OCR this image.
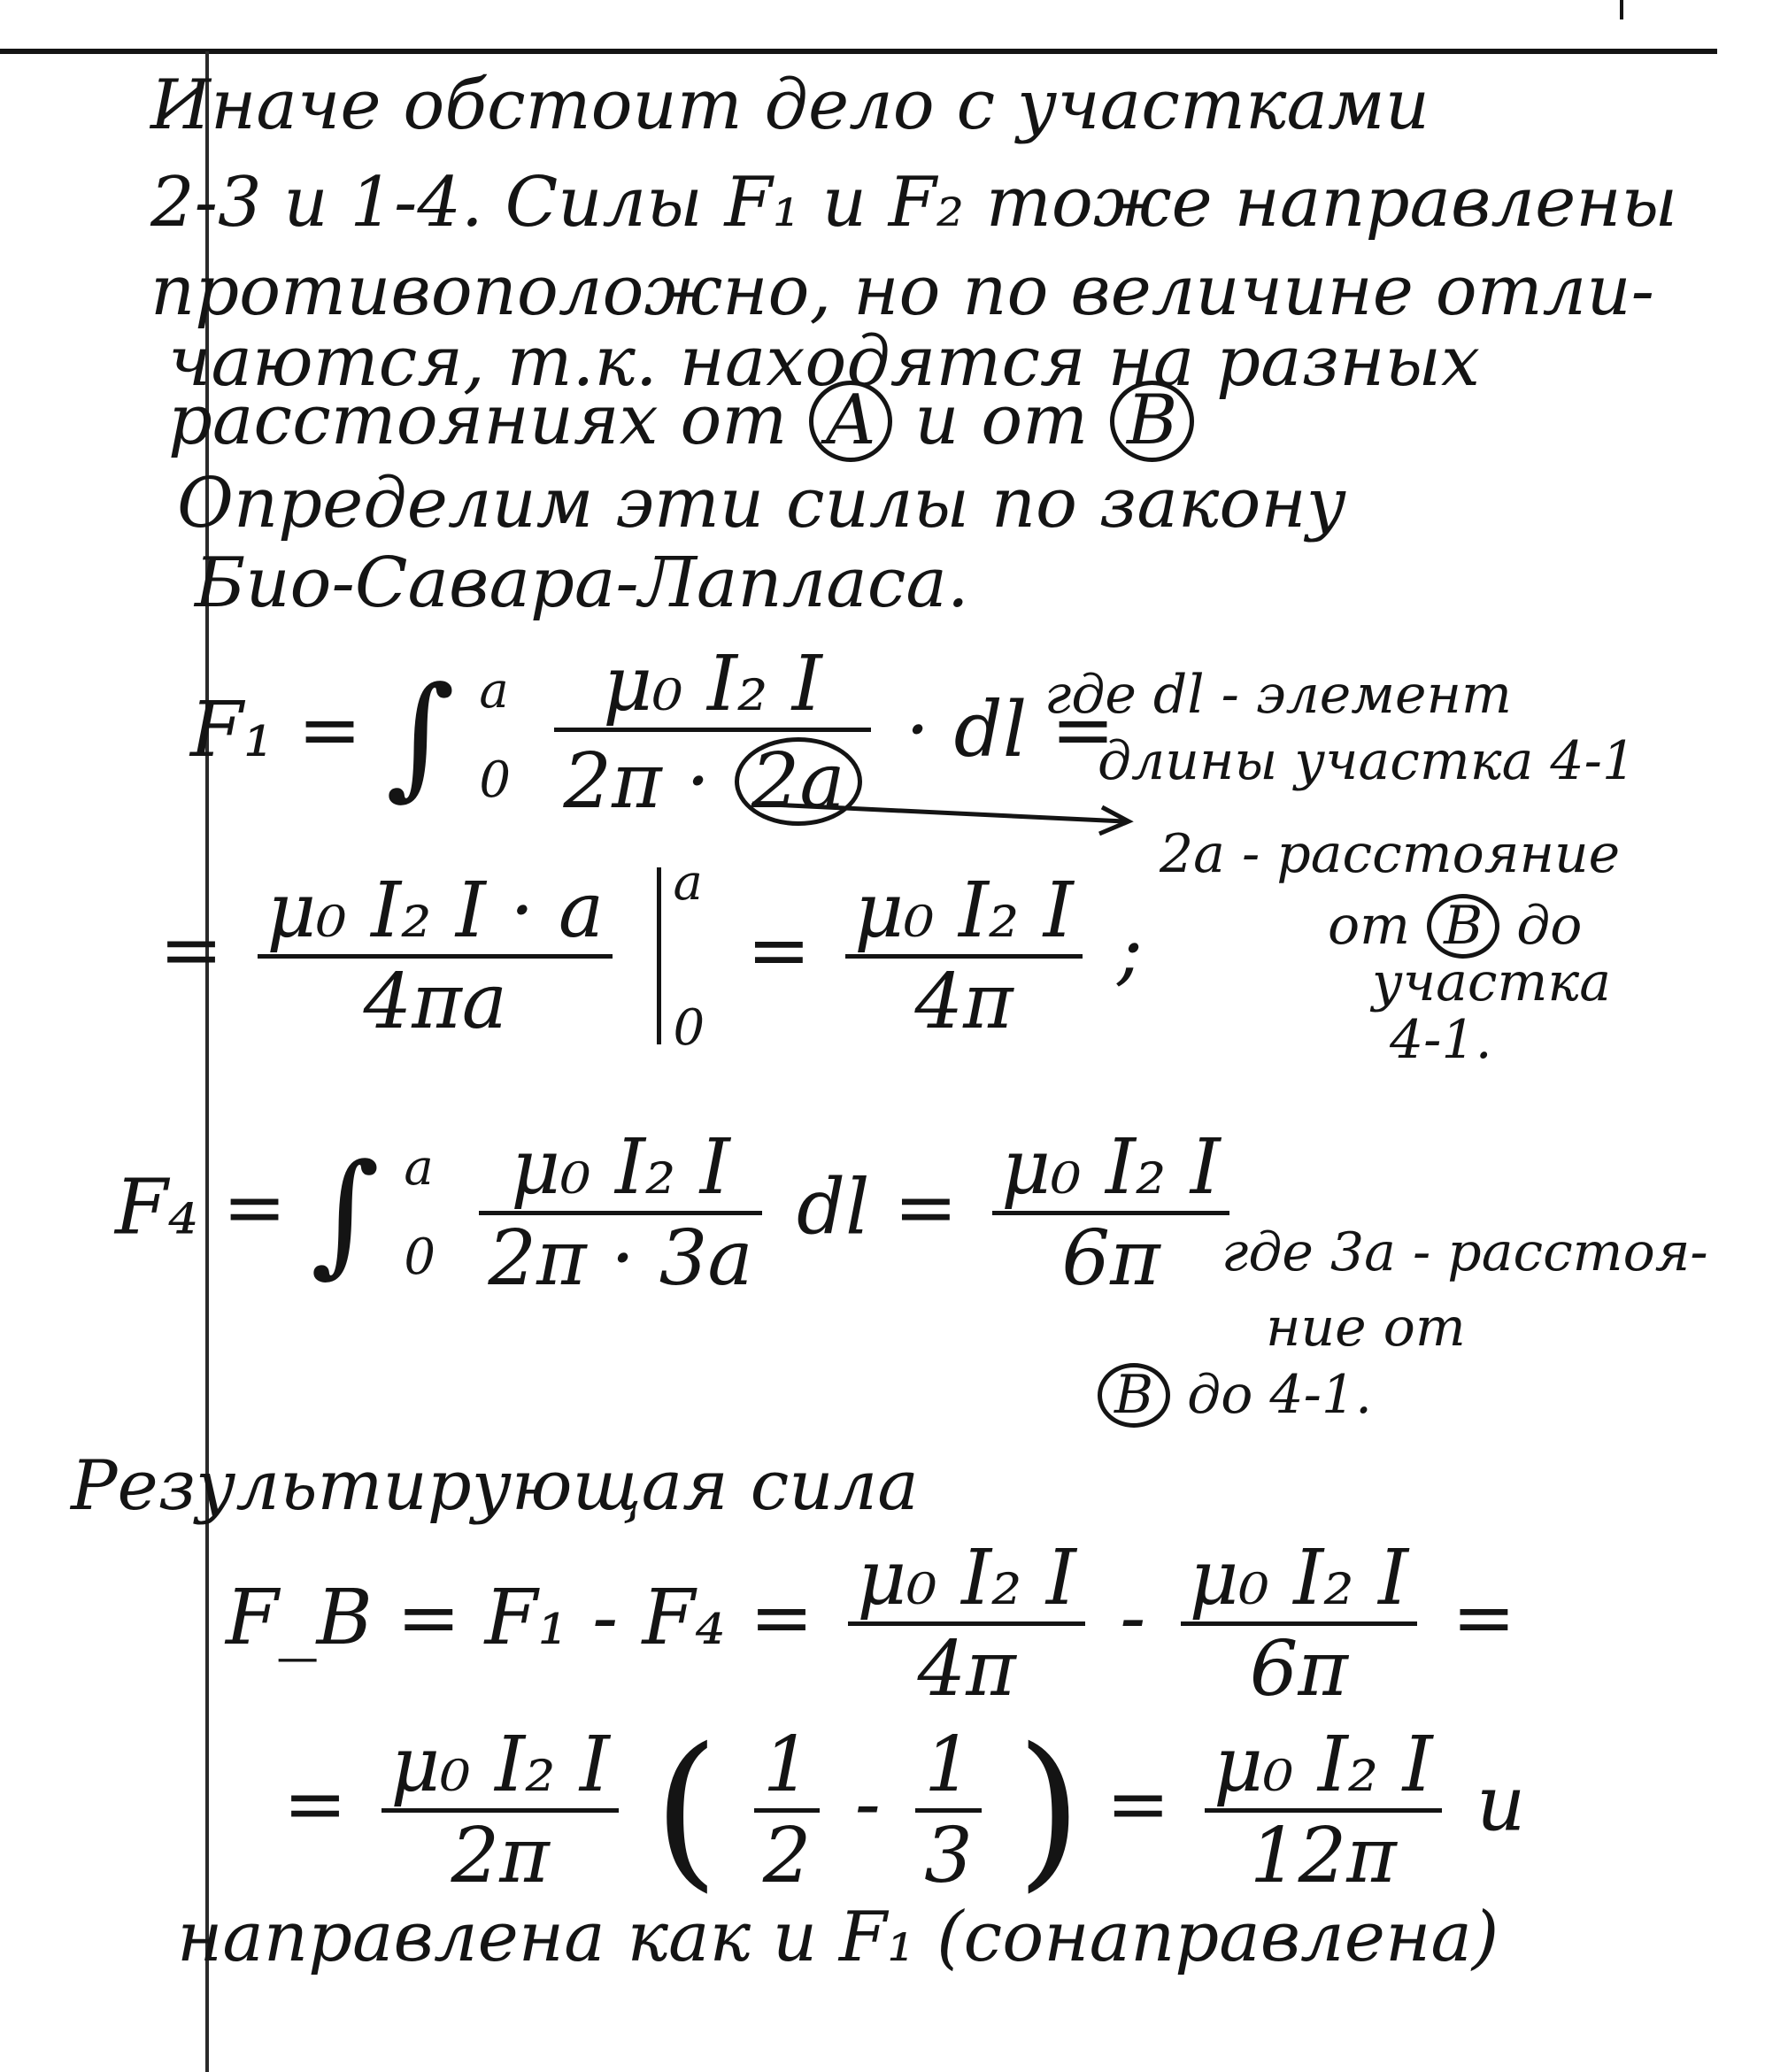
Иначе обстоит дело с участками
2-3 и 1-4. Силы F₁ и F₂ тоже направлены
противоположно, но по величине отли-
чаются, т.к. находятся на разных
расстояниях от A и от B
Определим эти силы по закону
Био-Савара-Лапласа.
F₁ = ∫ a
$0 \frac{\text{μ₀ I₂ I}}{2\pi \cdot 2a}$ · dl =
где dl - элемент
длины участка 4-1
2a - расстояние
от B до
участка
4-1.
= $\frac{\text{μ₀ I₂ I · a}}{4\pi a}$
a
0
= $\frac{\text{μ₀ I₂ I}}{4\pi}$ ;
F₄ = ∫ a
$0 \frac{\text{μ₀ I₂ I}}{2\pi \cdot 3a}$ dl = $\frac{\text{μ₀ I₂ I}}{6\pi}$
где 3a - расстоя-
ние от
B до 4-1.
Результирующая сила
F_B = $F_1 - F_4 = \frac{\text{μ₀ I₂ I}}{4\pi} - \frac{\text{μ₀ I₂ I}}{6\pi}$ =
= $\frac{\text{μ₀ I₂ I}}{2\pi}$ ( $\frac{1}{2} - \frac{1}{3}$ ) = $\frac{\text{μ₀ I₂ I}}{12\pi}$ и
направлена как и F₁ (сонаправлена)
